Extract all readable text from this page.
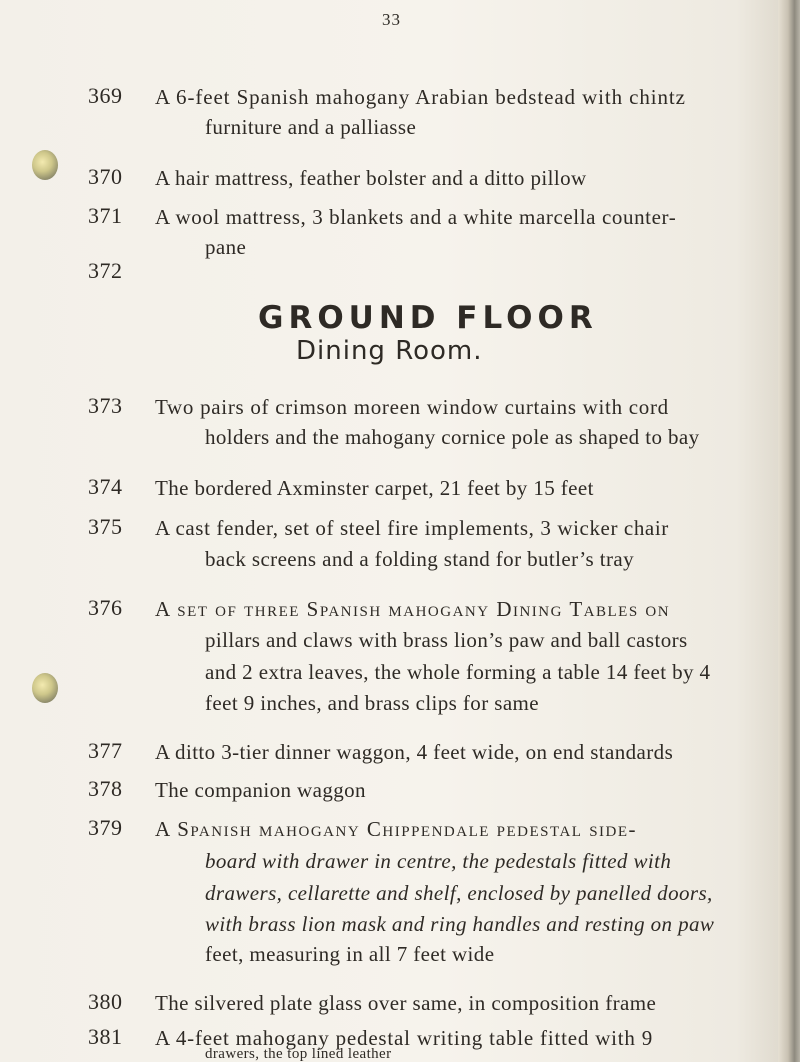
33
369	A 6-feet Spanish mahogany Arabian bedstead with chintz
furniture and a palliasse
370	A hair mattress, feather bolster and a ditto pillow
371	A wool mattress, 3 blankets and a white marcella counter-
pane
372
GROUND FLOOR
Dining Room.
373	Two pairs of crimson moreen window curtains with cord
holders and the mahogany cornice pole as shaped to bay
374	The bordered Axminster carpet, 21 feet by 15 feet
375	A cast fender, set of steel fire implements, 3 wicker chair
back screens and a folding stand for butler’s tray
376	A set of three Spanish mahogany Dining Tables on
pillars and claws with brass lion’s paw and ball castors
and 2 extra leaves, the whole forming a table 14 feet by 4
feet 9 inches, and brass clips for same
377	A ditto 3-tier dinner waggon, 4 feet wide, on end standards
378	The companion waggon
379	A Spanish mahogany Chippendale pedestal side-
board with drawer in centre, the pedestals fitted with
drawers, cellarette and shelf, enclosed by panelled doors,
with brass lion mask and ring handles and resting on paw
feet, measuring in all 7 feet wide
380	The silvered plate glass over same, in composition frame
381	A 4-feet mahogany pedestal writing table fitted with 9
drawers, the top lined leather
